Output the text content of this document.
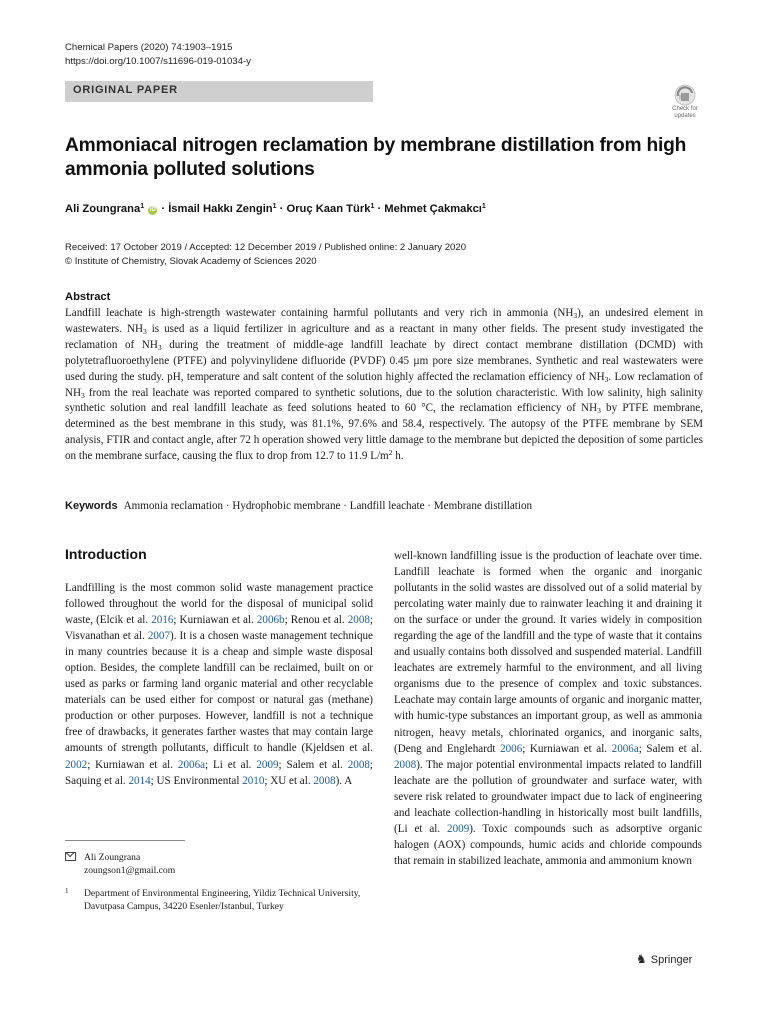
Chemical Papers (2020) 74:1903–1915
https://doi.org/10.1007/s11696-019-01034-y
ORIGINAL PAPER
Check for
updates
Ammoniacal nitrogen reclamation by membrane distillation from high ammonia polluted solutions
Ali Zoungrana$^1$ iD · İsmail Hakkı Zengin$^1$ · Oruç Kaan Türk$^1$ · Mehmet Çakmakcı$^1$
Received: 17 October 2019 / Accepted: 12 December 2019 / Published online: 2 January 2020
© Institute of Chemistry, Slovak Academy of Sciences 2020
Abstract
Landfill leachate is high-strength wastewater containing harmful pollutants and very rich in ammonia $(NH_3)$, an undesired element in wastewaters. $NH_3$ is used as a liquid fertilizer in agriculture and as a reactant in many other fields. The present study investigated the reclamation of $NH_3$ during the treatment of middle-age landfill leachate by direct contact membrane distillation (DCMD) with polytetrafluoroethylene (PTFE) and polyvinylidene difluoride (PVDF) 0.45 µm pore size membranes. Synthetic and real wastewaters were used during the study. pH, temperature and salt content of the solution highly affected the reclamation efficiency of $NH_3$. Low reclamation of $NH_3$ from the real leachate was reported compared to synthetic solutions, due to the solution characteristic. With low salinity, high salinity synthetic solution and real landfill leachate as feed solutions heated to 60 °C, the reclamation efficiency of $NH_3$ by PTFE membrane, determined as the best membrane in this study, was 81.1%, 97.6% and 58.4, respectively. The autopsy of the PTFE membrane by SEM analysis, FTIR and contact angle, after 72 h operation showed very little damage to the membrane but depicted the deposition of some particles on the membrane surface, causing the flux to drop from 12.7 to 11.9 $L/m^2$ h.
Keywords Ammonia reclamation · Hydrophobic membrane · Landfill leachate · Membrane distillation
Introduction
Landfilling is the most common solid waste management practice followed throughout the world for the disposal of municipal solid waste, (Elcik et al. 2016; Kurniawan et al. 2006b; Renou et al. 2008; Visvanathan et al. 2007). It is a chosen waste management technique in many countries because it is a cheap and simple waste disposal option. Besides, the complete landfill can be reclaimed, built on or used as parks or farming land organic material and other recyclable materials can be used either for compost or natural gas (methane) production or other purposes. However, landfill is not a technique free of drawbacks, it generates farther wastes that may contain large amounts of strength pollutants, difficult to handle (Kjeldsen et al. 2002; Kurniawan et al. 2006a; Li et al. 2009; Salem et al. 2008; Saquing et al. 2014; US Environmental 2010; XU et al. 2008). A
well-known landfilling issue is the production of leachate over time. Landfill leachate is formed when the organic and inorganic pollutants in the solid wastes are dissolved out of a solid material by percolating water mainly due to rainwater leaching it and draining it on the surface or under the ground. It varies widely in composition regarding the age of the landfill and the type of waste that it contains and usually contains both dissolved and suspended material. Landfill leachates are extremely harmful to the environment, and all living organisms due to the presence of complex and toxic substances. Leachate may contain large amounts of organic and inorganic matter, with humic-type substances an important group, as well as ammonia nitrogen, heavy metals, chlorinated organics, and inorganic salts, (Deng and Englehardt 2006; Kurniawan et al. 2006a; Salem et al. 2008). The major potential environmental impacts related to landfill leachate are the pollution of groundwater and surface water, with severe risk related to groundwater impact due to lack of engineering and leachate collection-handling in historically most built landfills, (Li et al. 2009). Toxic compounds such as adsorptive organic halogen (AOX) compounds, humic acids and chloride compounds that remain in stabilized leachate, ammonia and ammonium known
Ali Zoungrana
zoungson1@gmail.com
1 Department of Environmental Engineering, Yildiz Technical University, Davutpasa Campus, 34220 Esenler/Istanbul, Turkey
♞ Springer
